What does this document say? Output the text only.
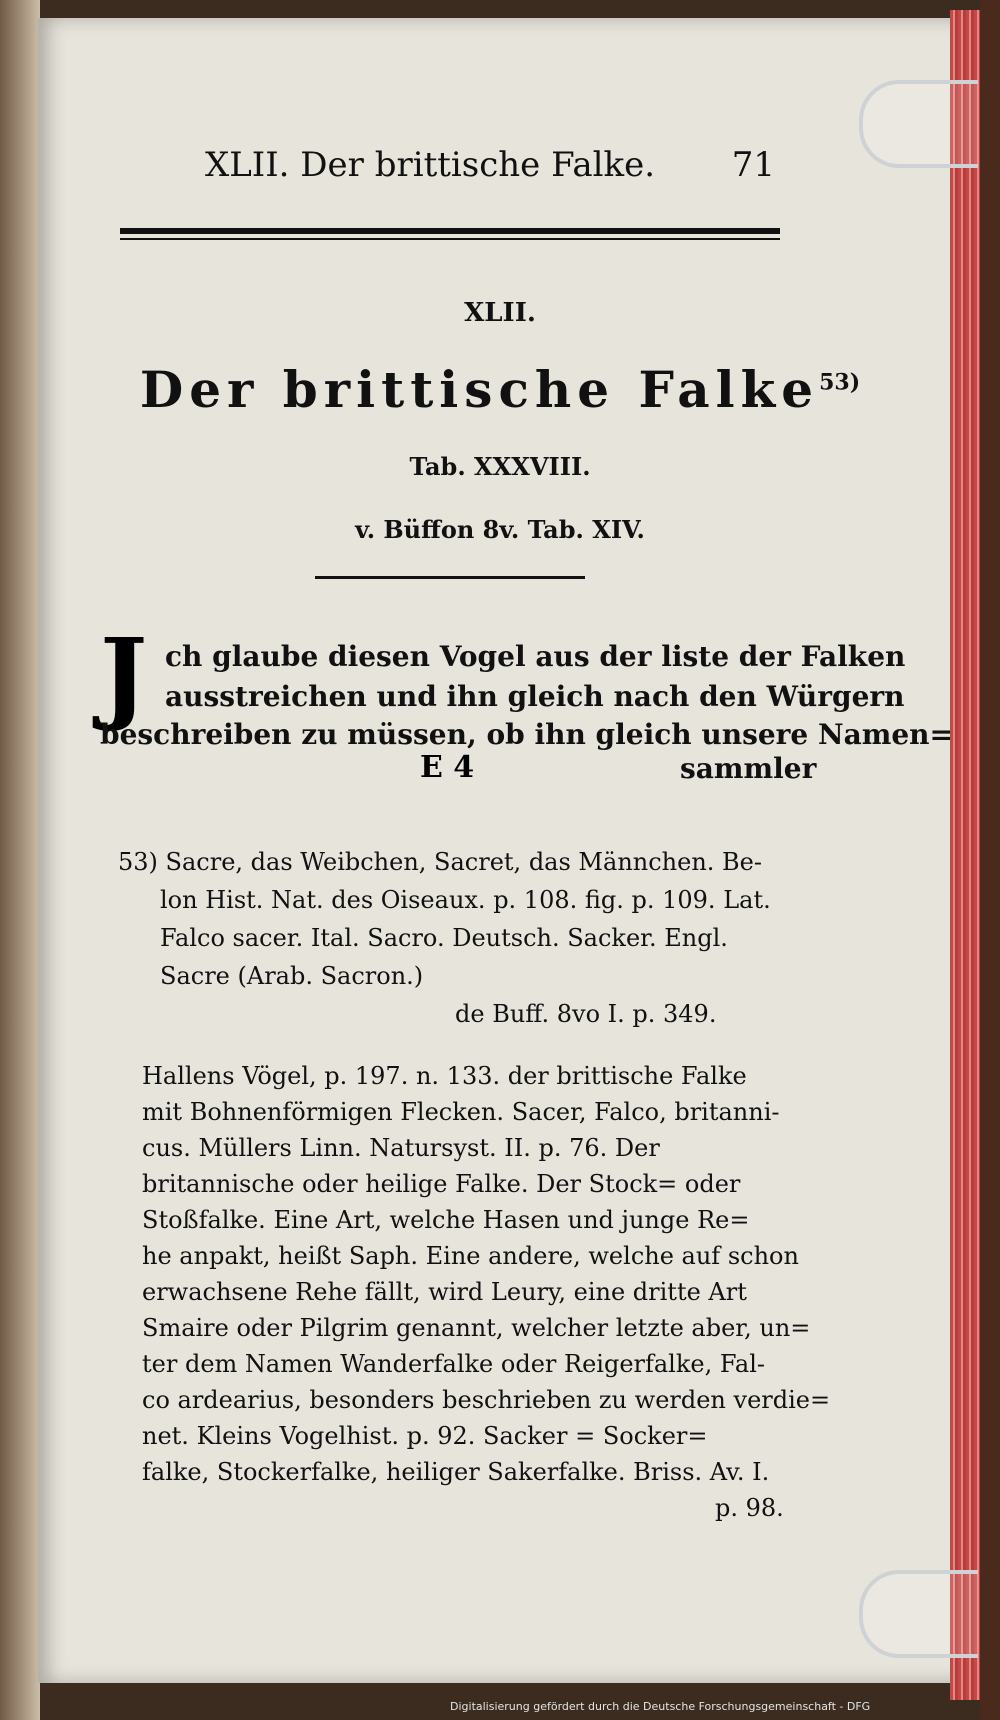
XLII. Der brittische Falke. 71
XLII.
Der brittische Falke$^{53)}$
Tab. XXXVIII.
v. Büffon 8v. Tab. XIV.
J ch glaube diesen Vogel aus der liste der Falken
ausstreichen und ihn gleich nach den Würgern
beschreiben zu müssen, ob ihn gleich unsere Namen=
sammler
E 4
53) Sacre, das Weibchen, Sacret, das Männchen. Be-
lon Hist. Nat. des Oiseaux. p. 108. fig. p. 109. Lat.
Falco sacer. Ital. Sacro. Deutsch. Sacker. Engl.
Sacre (Arab. Sacron.)
de Buff. 8vo I. p. 349.
Hallens Vögel, p. 197. n. 133. der brittische Falke
mit Bohnenförmigen Flecken. Sacer, Falco, britanni-
cus. Müllers Linn. Natursyst. II. p. 76. Der
britannische oder heilige Falke. Der Stock= oder
Stoßfalke. Eine Art, welche Hasen und junge Re=
he anpakt, heißt Saph. Eine andere, welche auf schon
erwachsene Rehe fällt, wird Leury, eine dritte Art
Smaire oder Pilgrim genannt, welcher letzte aber, un=
ter dem Namen Wanderfalke oder Reigerfalke, Fal-
co ardearius, besonders beschrieben zu werden verdie=
net. Kleins Vogelhist. p. 92. Sacker = Socker=
falke, Stockerfalke, heiliger Sakerfalke. Briss. Av. I.
p. 98.
Digitalisierung gefördert durch die Deutsche Forschungsgemeinschaft - DFG
